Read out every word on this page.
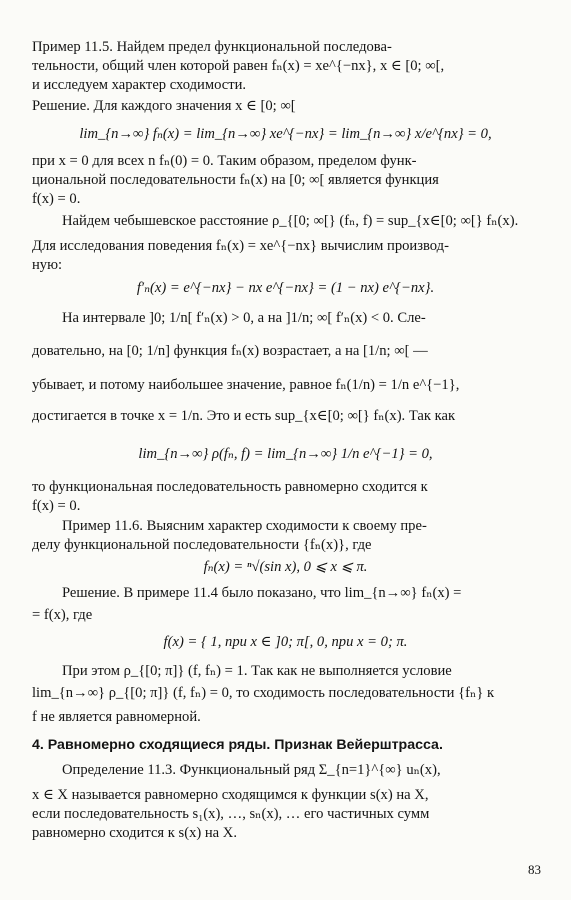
Пример 11.5. Найдем предел функциональной последова-
тельности, общий член которой равен fₙ(x) = xe^{−nx}, x ∈ [0; ∞[,
и исследуем характер сходимости.
Решение. Для каждого значения x ∈ [0; ∞[
lim_{n→∞} fₙ(x) = lim_{n→∞} xe^{−nx} = lim_{n→∞} x/e^{nx} = 0,
при x = 0 для всех n fₙ(0) = 0. Таким образом, пределом функ-
циональной последовательности fₙ(x) на [0; ∞[ является функция
f(x) = 0.
Найдем чебышевское расстояние ρ_{[0; ∞[} (fₙ, f) = sup_{x∈[0; ∞[} fₙ(x).
Для исследования поведения fₙ(x) = xe^{−nx} вычислим производ-
ную:
f′ₙ(x) = e^{−nx} − nx e^{−nx} = (1 − nx) e^{−nx}.
На интервале ]0; 1/n[ f′ₙ(x) > 0, а на ]1/n; ∞[ f′ₙ(x) < 0. Сле-
довательно, на [0; 1/n] функция fₙ(x) возрастает, а на [1/n; ∞[ —
убывает, и потому наибольшее значение, равное fₙ(1/n) = 1/n e^{−1},
достигается в точке x = 1/n. Это и есть sup_{x∈[0; ∞[} fₙ(x). Так как
lim_{n→∞} ρ(fₙ, f) = lim_{n→∞} 1/n e^{−1} = 0,
то функциональная последовательность равномерно сходится к
f(x) = 0.
Пример 11.6. Выясним характер сходимости к своему пре-
делу функциональной последовательности {fₙ(x)}, где
fₙ(x) = ⁿ√(sin x), 0 ⩽ x ⩽ π.
Решение. В примере 11.4 было показано, что lim_{n→∞} fₙ(x) =
= f(x), где
f(x) = { 1, при x ∈ ]0; π[, 0, при x = 0; π.
При этом ρ_{[0; π]} (f, fₙ) = 1. Так как не выполняется условие
lim_{n→∞} ρ_{[0; π]} (f, fₙ) = 0, то сходимость последовательности {fₙ} к
f не является равномерной.
4. Равномерно сходящиеся ряды. Признак Вейерштрасса.
Определение 11.3. Функциональный ряд Σ_{n=1}^{∞} uₙ(x),
x ∈ X называется равномерно сходящимся к функции s(x) на X,
если последовательность s₁(x), …, sₙ(x), … его частичных сумм
равномерно сходится к s(x) на X.
83
